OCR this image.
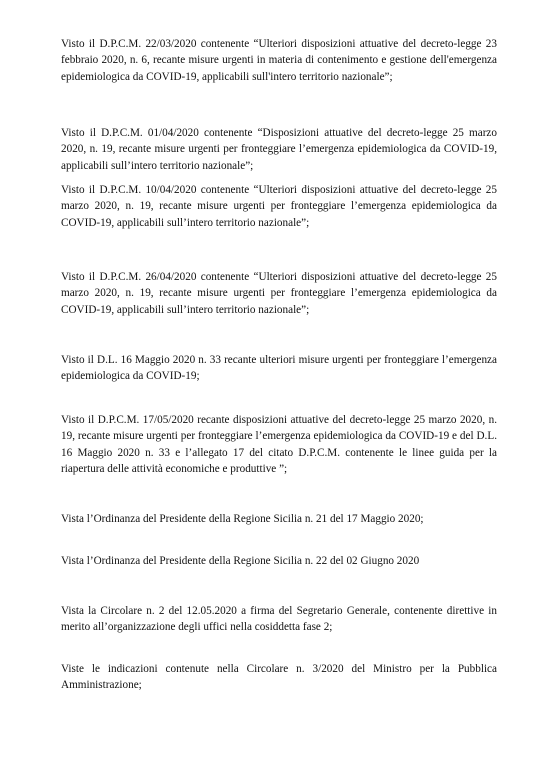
Visto il D.P.C.M. 22/03/2020 contenente “Ulteriori disposizioni attuative del decreto-legge 23 febbraio 2020, n. 6, recante misure urgenti in materia di contenimento e gestione dell'emergenza epidemiologica da COVID-19, applicabili sull'intero territorio nazionale”;

Visto il D.P.C.M. 01/04/2020 contenente “Disposizioni attuative del decreto-legge 25 marzo 2020, n. 19, recante misure urgenti per fronteggiare l’emergenza epidemiologica da COVID-19, applicabili sull’intero territorio nazionale”;

Visto il D.P.C.M. 10/04/2020 contenente “Ulteriori disposizioni attuative del decreto-legge 25 marzo 2020, n. 19, recante misure urgenti per fronteggiare l’emergenza epidemiologica da COVID-19, applicabili sull’intero territorio nazionale”;

Visto il D.P.C.M. 26/04/2020 contenente “Ulteriori disposizioni attuative del decreto-legge 25 marzo 2020, n. 19, recante misure urgenti per fronteggiare l’emergenza epidemiologica da COVID-19, applicabili sull’intero territorio nazionale”;

Visto il D.L. 16 Maggio 2020 n. 33 recante ulteriori misure urgenti per fronteggiare l’emergenza epidemiologica da COVID-19;

Visto il D.P.C.M. 17/05/2020 recante disposizioni attuative del decreto-legge 25 marzo 2020, n. 19, recante misure urgenti per fronteggiare l’emergenza epidemiologica da COVID-19 e del D.L. 16 Maggio 2020 n. 33 e l’allegato 17 del citato D.P.C.M. contenente le linee guida per la riapertura delle attività economiche e produttive ”;

Vista l’Ordinanza del Presidente della Regione Sicilia n. 21 del 17 Maggio 2020;

Vista l’Ordinanza del Presidente della Regione Sicilia n. 22 del 02 Giugno 2020

Vista la Circolare n. 2 del 12.05.2020 a firma del Segretario Generale, contenente direttive in merito all’organizzazione degli uffici nella cosiddetta fase 2;

Viste le indicazioni contenute nella Circolare n. 3/2020 del Ministro per la Pubblica Amministrazione;
